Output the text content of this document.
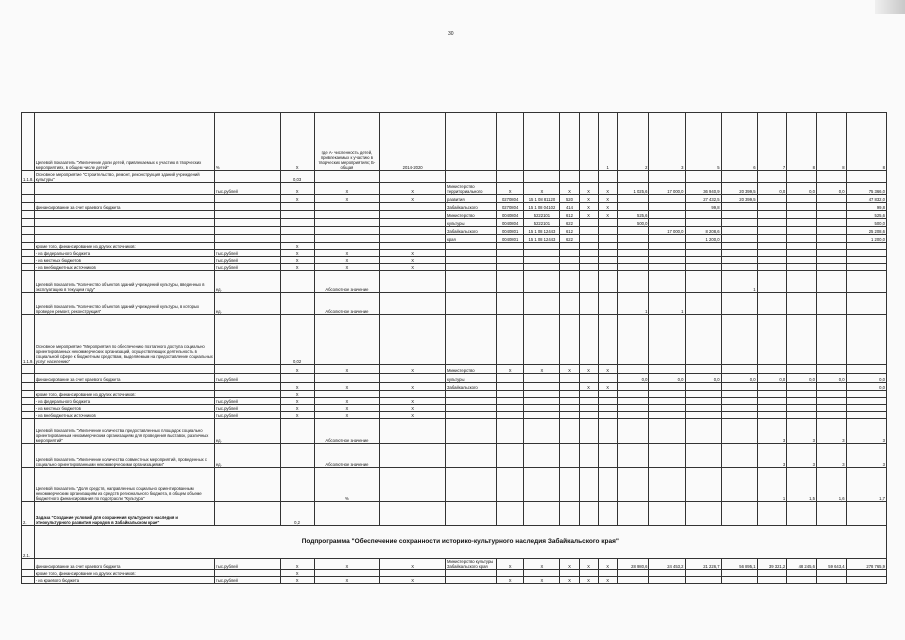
30
	Целевой показатель "Увеличение доли детей, привлекаемых к участию в творческих мероприятиях, в общем числе детей"	%	Х	где А- численность детей, привлекаемых к участию в творческих мероприятиях; Б- общая	2014-2020						1	2	3	5	6	7	8	8	8
1.1.8.	Основное мероприятие "Строительство, ремонт, реконструкция зданий учреждений культуры"		0,03																
		тыс.рублей	Х	Х	Х	Министерство территориального	Х	Х	Х	Х	Х	1 025,6	17 000,0	36 940,9	20 399,5	0,0	0,0	0,0	75 366,0
			Х	Х	Х	развития	0270804	15 1 08 81120	520	Х	Х			27 432,5	20 399,5				47 832,0
	финансирование за счет краевого бюджета					Забайкальского	0270804	15 1 08 04102	414	Х	Х			99,8					99,8
						Министерство	0040804	5222101	612	Х	Х	525,6							525,6
						культуры	0040804	5222101	622			500,0							500,0
						Забайкальского	0040801	15 1 08 12443	612				17 000,0	8 208,6					25 208,6
						края	0040801	15 1 08 12443	622					1 200,0					1 200,0
	кроме того, финансирование из других источников:		Х																
	- из федерального бюджета	тыс.рублей	Х	Х	Х														
	- из местных бюджетов	тыс.рублей	Х	Х	Х														
	- из внебюджетных источников	тыс.рублей	Х	Х	Х														
	Целевой показатель "Количество объектов зданий учреждений культуры, введенных в эксплуатацию в текущем году"	ед.		Абсолютное значение											1				
	Целевой показатель "Количество объектов зданий учреждений культуры, в которых проведен ремонт, реконструкция"	ед.		Абсолютное значение								1	1						
1.1.9.	Основное мероприятие "Мероприятия по обеспечению поэтапного доступа социально ориентированных некоммерческих организаций, осуществляющих деятельность в социальной сфере к бюджетным средствам, выделяемым на предоставление социальных услуг населению"		0,02																
			Х	Х	Х	Министерство	Х	Х	Х	Х	Х								
	финансирование за счет краевого бюджета	тыс.рублей				культуры						0,0	0,0	0,0	0,0	0,0	0,0	0,0	0,0
			Х	Х	Х	Забайкальского				Х	Х								0,0
	кроме того, финансирование из других источников:		Х																
	- из федерального бюджета	тыс.рублей	Х	Х	Х														
	- из местных бюджетов	тыс.рублей	Х	Х	Х														
	- из внебюджетных источников	тыс.рублей	Х	Х	Х														
	Целевой показатель "Увеличение количества предоставленных площадок социально ориентированным некоммерческим организациям для проведения выставок, различных мероприятий"	ед.		Абсолютное значение												3	3	3	3
	Целевой показатель "Увеличение количества совместных мероприятий, проведенных с социально ориентированными некоммерческими организациями"	ед.		Абсолютное значение												3	3	3	3
	Целевой показатель "Доля средств, направленных социально ориентированным некоммерческим организациям из средств регионального бюджета, в общем объеме бюджетного финансирования по подотрасли "Культура"			%												1	1,5	1,6	1,7
2.	Задача "Создание условий для сохранения культурного наследия и этнокультурного развития народов в Забайкальском крае"		0,2																
2.1.	Подпрограмма "Обеспечение сохранности историко-культурного наследия Забайкальского края"																		
	финансирование за счет краевого бюджета	тыс.рублей	Х	Х	Х	Министерство культуры Забайкальского края	Х	Х	Х	Х	Х	28 980,6	24 453,2	21 226,7	56 895,1	39 321,2	48 245,6	59 643,4	278 765,9
	кроме того, финансирование из других источников:		Х																
	- из краевого бюджета	тыс.рублей	Х	Х	Х		Х	Х	Х	Х	Х								
